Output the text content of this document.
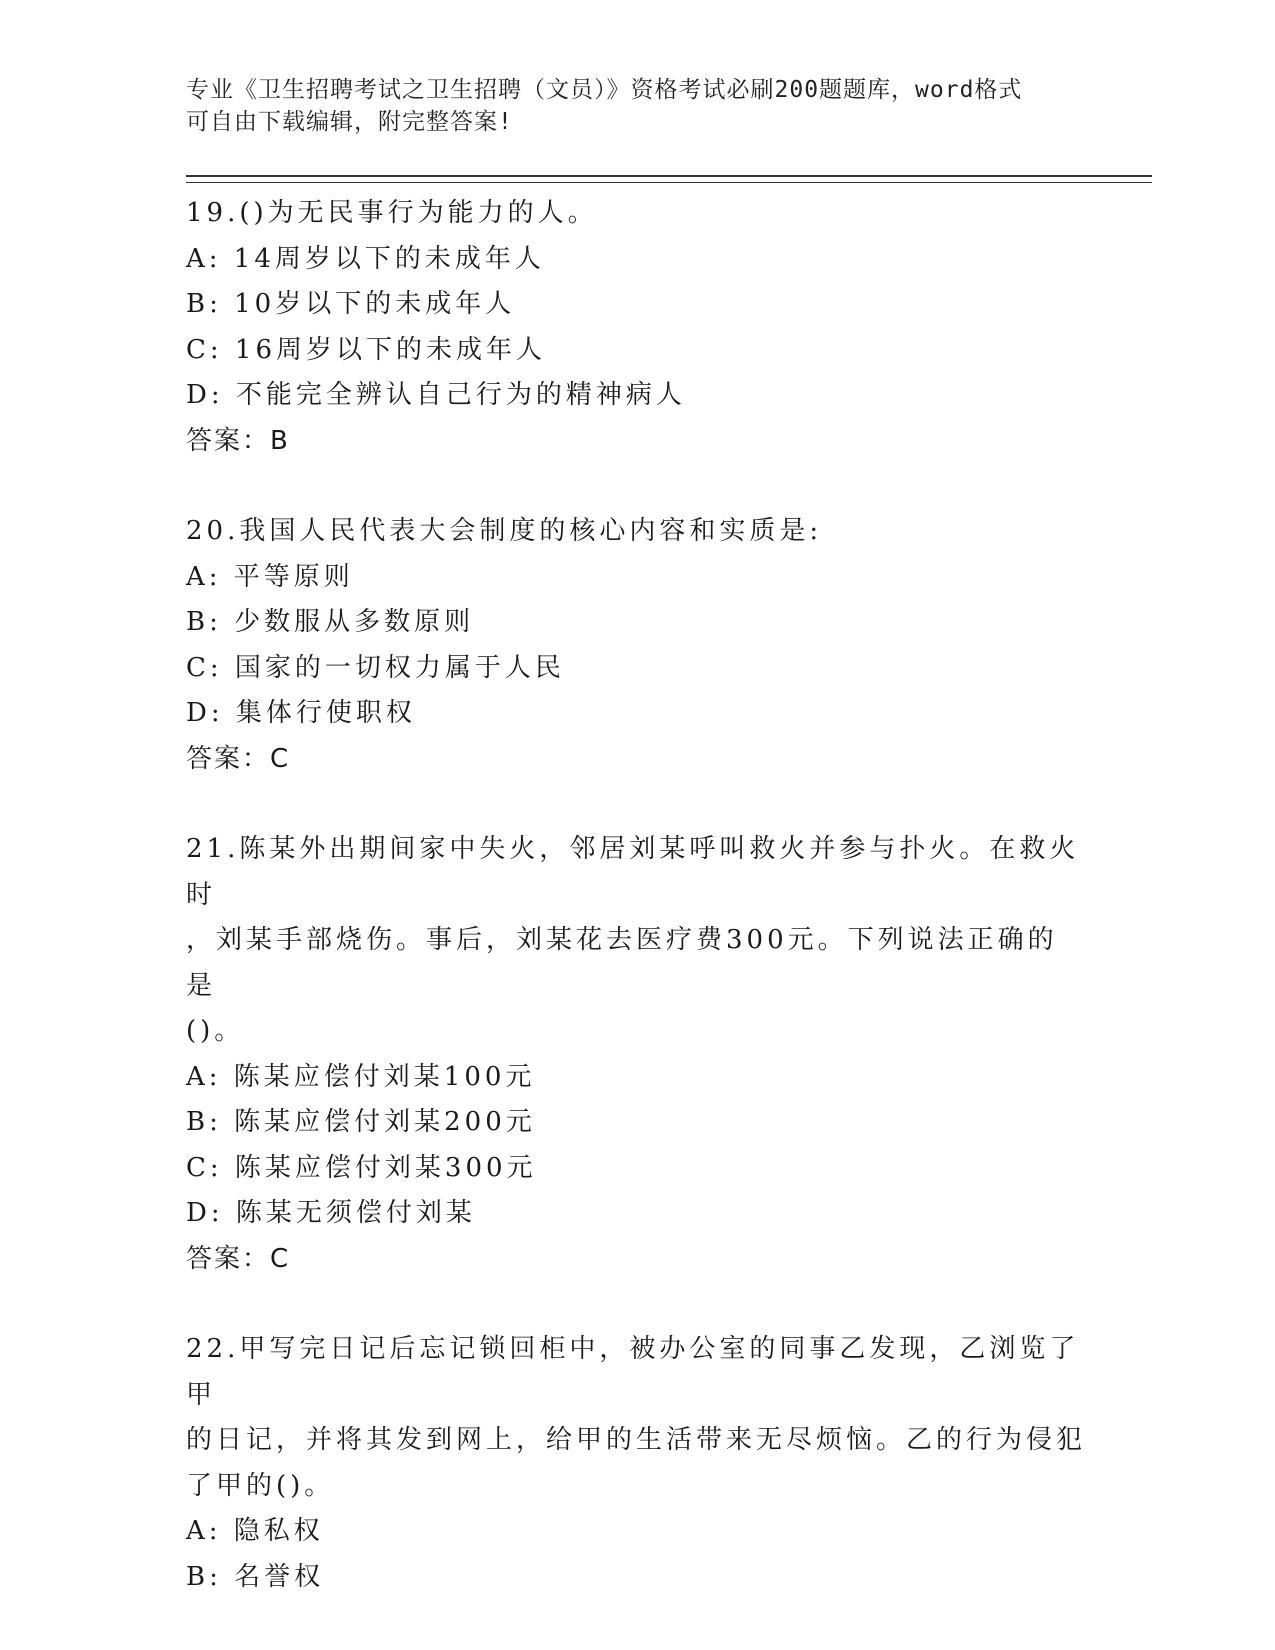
专业《卫生招聘考试之卫生招聘（文员）》资格考试必刷200题题库，word格式

可自由下载编辑，附完整答案!

19.()为无民事行为能力的人。

A: 14周岁以下的未成年人

B: 10岁以下的未成年人

C: 16周岁以下的未成年人

D: 不能完全辨认自己行为的精神病人

答案：B

20.我国人民代表大会制度的核心内容和实质是:

A: 平等原则

B: 少数服从多数原则

C: 国家的一切权力属于人民

D: 集体行使职权

答案：C

21.陈某外出期间家中失火，邻居刘某呼叫救火并参与扑火。在救火时

，刘某手部烧伤。事后，刘某花去医疗费300元。下列说法正确的是

()。

A: 陈某应偿付刘某100元

B: 陈某应偿付刘某200元

C: 陈某应偿付刘某300元

D: 陈某无须偿付刘某

答案：C

22.甲写完日记后忘记锁回柜中，被办公室的同事乙发现，乙浏览了甲

的日记，并将其发到网上，给甲的生活带来无尽烦恼。乙的行为侵犯

了甲的()。

A: 隐私权

B: 名誉权
